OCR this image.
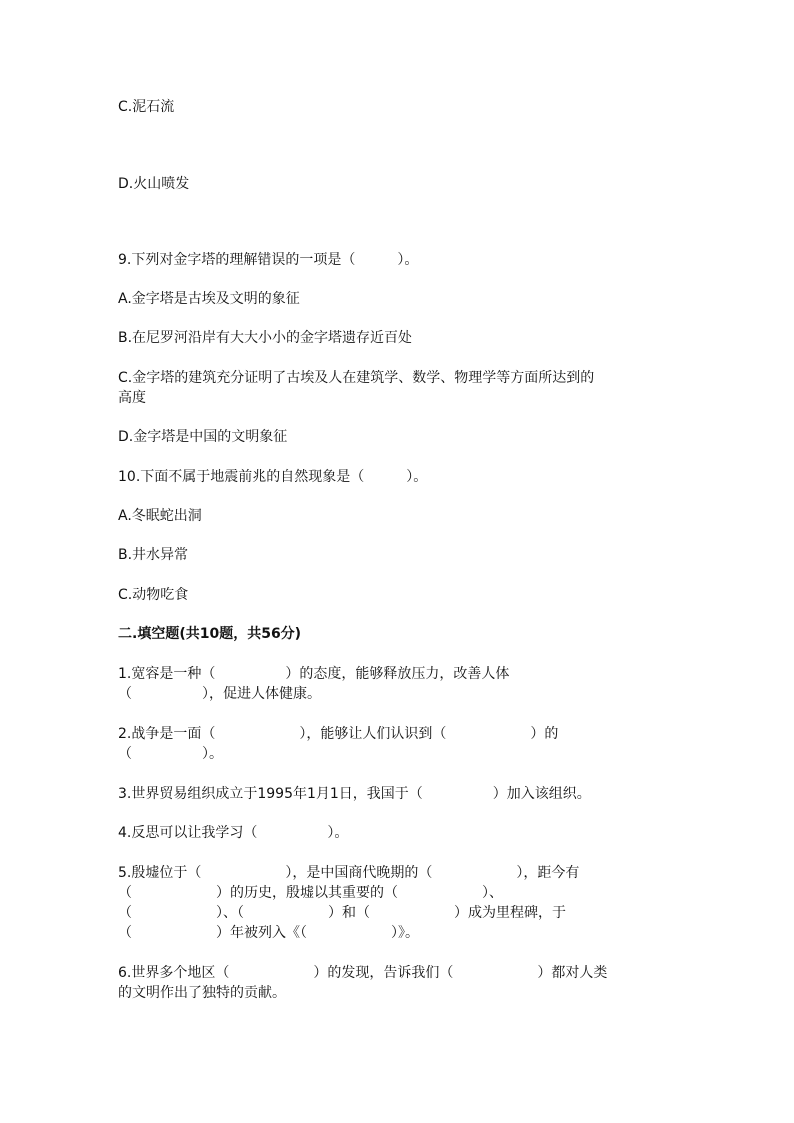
C.泥石流
D.火山喷发
9.下列对金字塔的理解错误的一项是（　　　）。
A.金字塔是古埃及文明的象征
B.在尼罗河沿岸有大大小小的金字塔遗存近百处
C.金字塔的建筑充分证明了古埃及人在建筑学、数学、物理学等方面所达到的
高度
D.金字塔是中国的文明象征
10.下面不属于地震前兆的自然现象是（　　　）。
A.冬眠蛇出洞
B.井水异常
C.动物吃食
二.填空题(共10题，共56分)
1.宽容是一种（　　　　　）的态度，能够释放压力，改善人体
（　　　　　），促进人体健康。
2.战争是一面（　　　　　　），能够让人们认识到（　　　　　　）的
（　　　　　）。
3.世界贸易组织成立于1995年1月1日，我国于（　　　　　）加入该组织。
4.反思可以让我学习（　　　　　）。
5.殷墟位于（　　　　　　），是中国商代晚期的（　　　　　　），距今有
（　　　　　　）的历史，殷墟以其重要的（　　　　　　）、
（　　　　　　）、（　　　　　　）和（　　　　　　）成为里程碑，于
（　　　　　　）年被列入《（　　　　　　）》。
6.世界多个地区（　　　　　　）的发现，告诉我们（　　　　　　）都对人类
的文明作出了独特的贡献。
